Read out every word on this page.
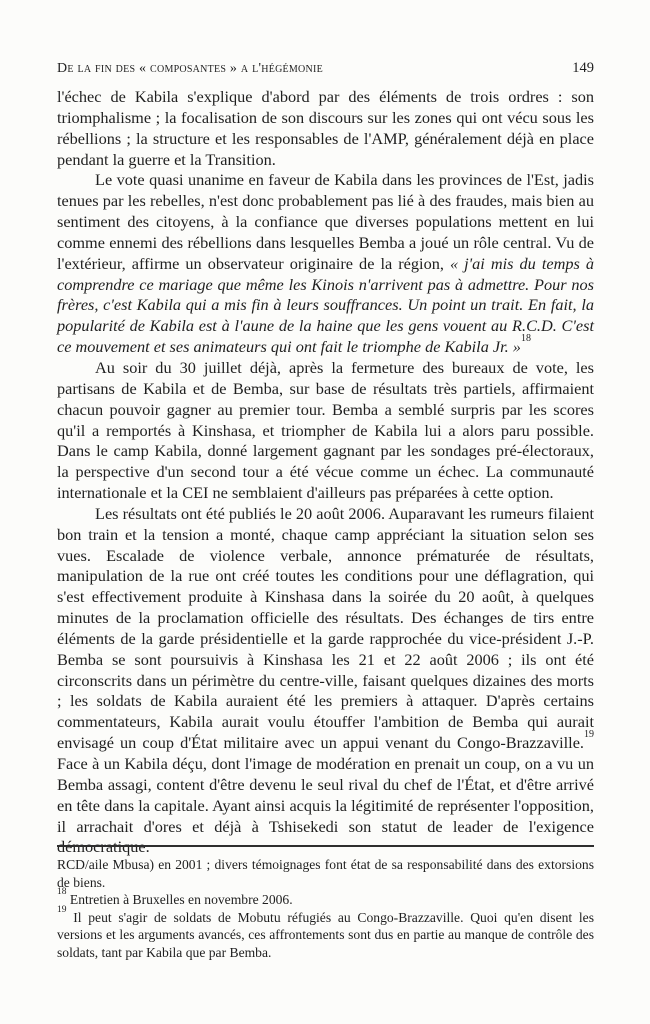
De la fin des « composantes » a l'hégémonie	149

l'échec de Kabila s'explique d'abord par des éléments de trois ordres : son triomphalisme ; la focalisation de son discours sur les zones qui ont vécu sous les rébellions ; la structure et les responsables de l'AMP, généralement déjà en place pendant la guerre et la Transition.

Le vote quasi unanime en faveur de Kabila dans les provinces de l'Est, jadis tenues par les rebelles, n'est donc probablement pas lié à des fraudes, mais bien au sentiment des citoyens, à la confiance que diverses populations mettent en lui comme ennemi des rébellions dans lesquelles Bemba a joué un rôle central. Vu de l'extérieur, affirme un observateur originaire de la région, « j'ai mis du temps à comprendre ce mariage que même les Kinois n'arrivent pas à admettre. Pour nos frères, c'est Kabila qui a mis fin à leurs souffrances. Un point un trait. En fait, la popularité de Kabila est à l'aune de la haine que les gens vouent au R.C.D. C'est ce mouvement et ses animateurs qui ont fait le triomphe de Kabila Jr. »$^{18}$

Au soir du 30 juillet déjà, après la fermeture des bureaux de vote, les partisans de Kabila et de Bemba, sur base de résultats très partiels, affirmaient chacun pouvoir gagner au premier tour. Bemba a semblé surpris par les scores qu'il a remportés à Kinshasa, et triompher de Kabila lui a alors paru possible. Dans le camp Kabila, donné largement gagnant par les sondages pré-électoraux, la perspective d'un second tour a été vécue comme un échec. La communauté internationale et la CEI ne semblaient d'ailleurs pas préparées à cette option.

Les résultats ont été publiés le 20 août 2006. Auparavant les rumeurs filaient bon train et la tension a monté, chaque camp appréciant la situation selon ses vues. Escalade de violence verbale, annonce prématurée de résultats, manipulation de la rue ont créé toutes les conditions pour une déflagration, qui s'est effectivement produite à Kinshasa dans la soirée du 20 août, à quelques minutes de la proclamation officielle des résultats. Des échanges de tirs entre éléments de la garde présidentielle et la garde rapprochée du vice-président J.-P. Bemba se sont poursuivis à Kinshasa les 21 et 22 août 2006 ; ils ont été circonscrits dans un périmètre du centre-ville, faisant quelques dizaines des morts ; les soldats de Kabila auraient été les premiers à attaquer. D'après certains commentateurs, Kabila aurait voulu étouffer l'ambition de Bemba qui aurait envisagé un coup d'État militaire avec un appui venant du Congo-Brazzaville.$^{19}$ Face à un Kabila déçu, dont l'image de modération en prenait un coup, on a vu un Bemba assagi, content d'être devenu le seul rival du chef de l'État, et d'être arrivé en tête dans la capitale. Ayant ainsi acquis la légitimité de représenter l'opposition, il arrachait d'ores et déjà à Tshisekedi son statut de leader de l'exigence démocratique.

RCD/aile Mbusa) en 2001 ; divers témoignages font état de sa responsabilité dans des extorsions de biens.

$^{18}$ Entretien à Bruxelles en novembre 2006.

$^{19}$ Il peut s'agir de soldats de Mobutu réfugiés au Congo-Brazzaville. Quoi qu'en disent les versions et les arguments avancés, ces affrontements sont dus en partie au manque de contrôle des soldats, tant par Kabila que par Bemba.
